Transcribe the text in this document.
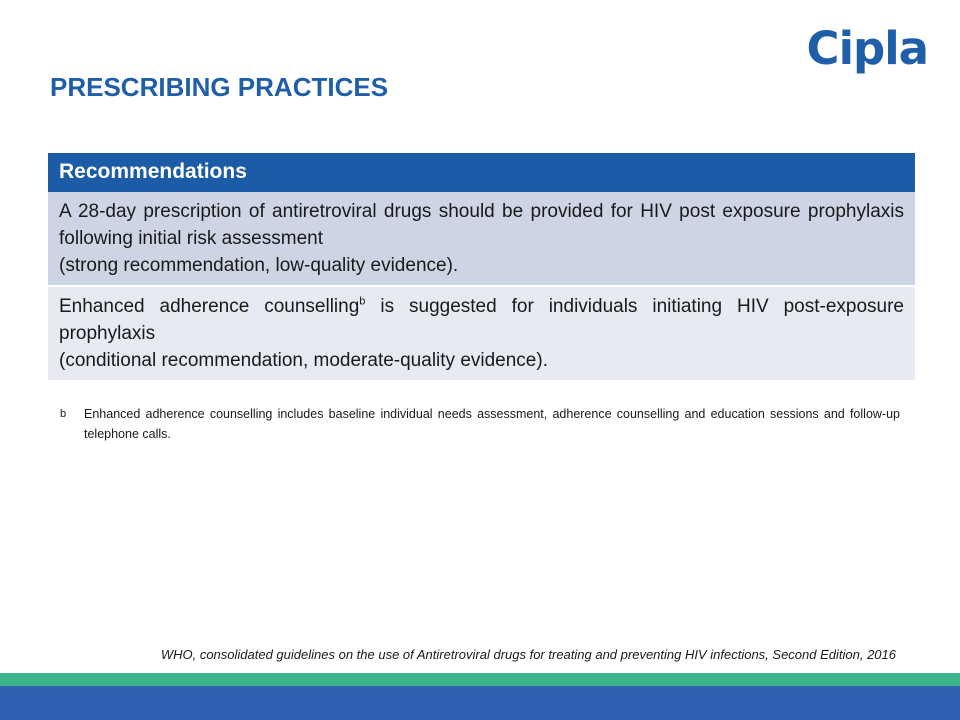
Cipla
PRESCRIBING PRACTICES
Recommendations
A 28-day prescription of antiretroviral drugs should be provided for HIV post exposure prophylaxis following initial risk assessment
(strong recommendation, low-quality evidence).
Enhanced adherence counselling$^b$ is suggested for individuals initiating HIV post-exposure prophylaxis
(conditional recommendation, moderate-quality evidence).
b Enhanced adherence counselling includes baseline individual needs assessment, adherence counselling and education sessions and follow-up telephone calls.
WHO, consolidated guidelines on the use of Antiretroviral drugs for treating and preventing HIV infections, Second Edition, 2016
